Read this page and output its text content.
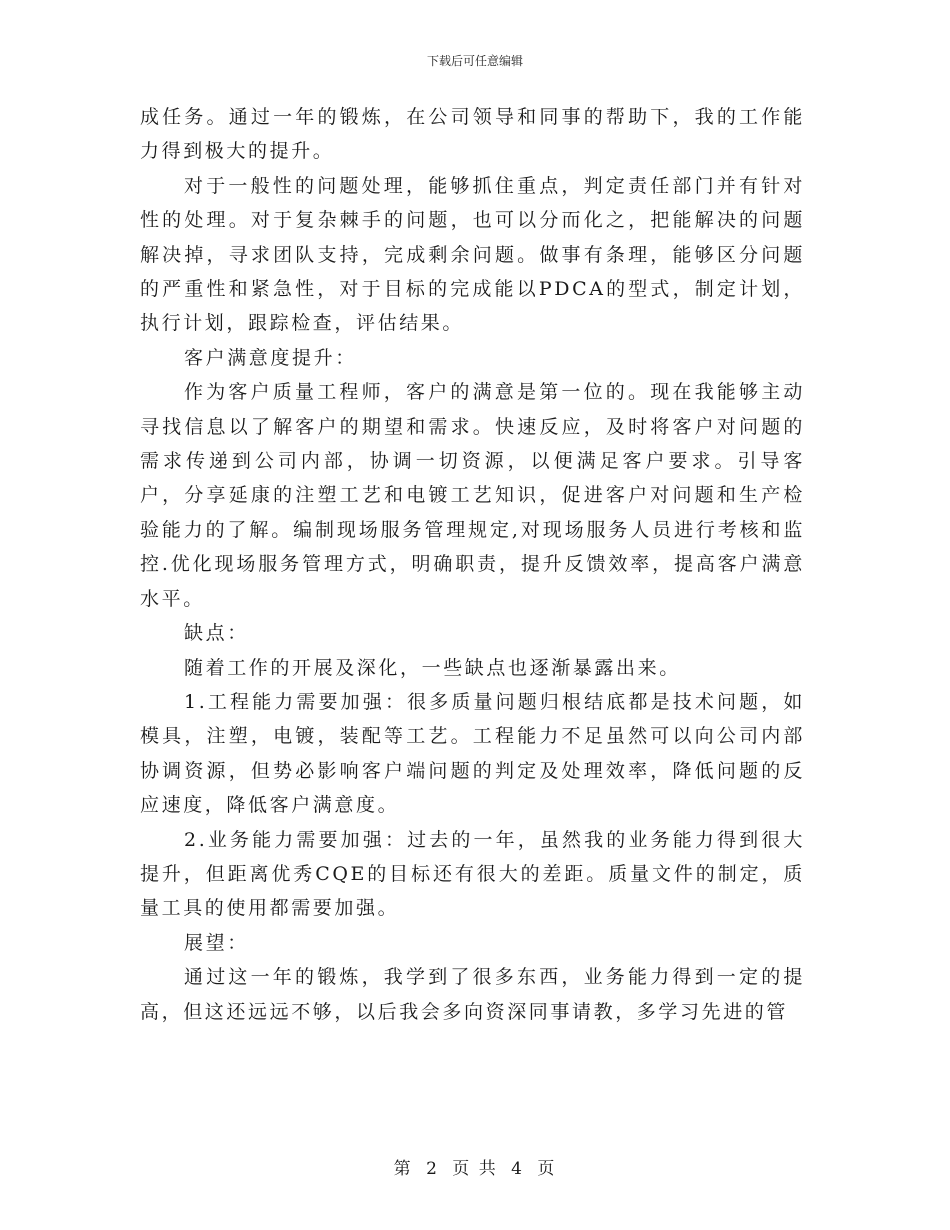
下载后可任意编辑

成任务。通过一年的锻炼，在公司领导和同事的帮助下，我的工作能力得到极大的提升。

对于一般性的问题处理，能够抓住重点，判定责任部门并有针对性的处理。对于复杂棘手的问题，也可以分而化之，把能解决的问题解决掉，寻求团队支持，完成剩余问题。做事有条理，能够区分问题的严重性和紧急性，对于目标的完成能以PDCA的型式，制定计划，执行计划，跟踪检查，评估结果。

客户满意度提升：

作为客户质量工程师，客户的满意是第一位的。现在我能够主动寻找信息以了解客户的期望和需求。快速反应，及时将客户对问题的需求传递到公司内部，协调一切资源，以便满足客户要求。引导客户，分享延康的注塑工艺和电镀工艺知识，促进客户对问题和生产检验能力的了解。编制现场服务管理规定,对现场服务人员进行考核和监控.优化现场服务管理方式，明确职责，提升反馈效率，提高客户满意水平。

缺点：

随着工作的开展及深化，一些缺点也逐渐暴露出来。

1.工程能力需要加强：很多质量问题归根结底都是技术问题，如模具，注塑，电镀，装配等工艺。工程能力不足虽然可以向公司内部协调资源，但势必影响客户端问题的判定及处理效率，降低问题的反应速度，降低客户满意度。

2.业务能力需要加强：过去的一年，虽然我的业务能力得到很大提升，但距离优秀CQE的目标还有很大的差距。质量文件的制定，质量工具的使用都需要加强。

展望：

通过这一年的锻炼，我学到了很多东西，业务能力得到一定的提高，但这还远远不够，以后我会多向资深同事请教，多学习先进的管

第 2 页 共 4 页
